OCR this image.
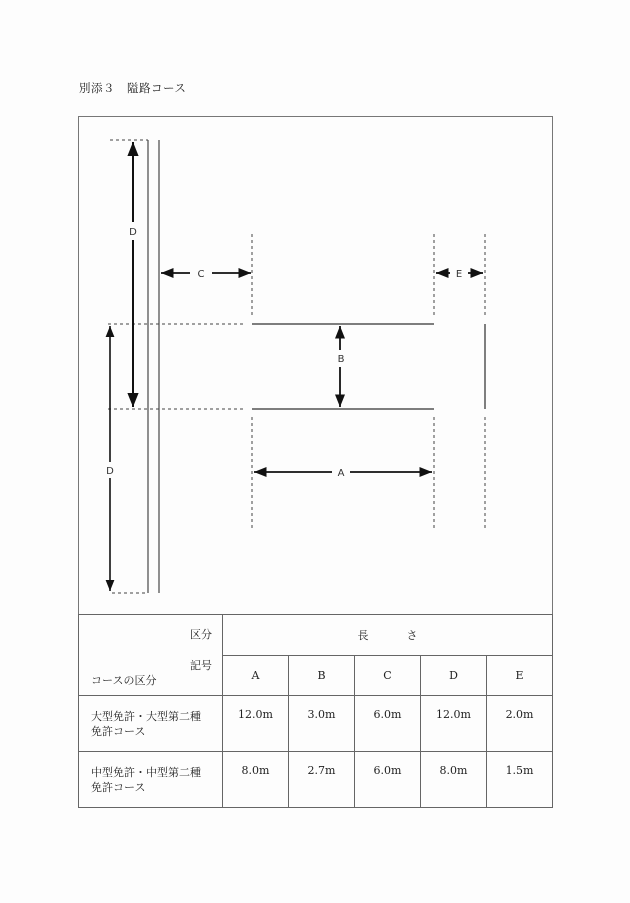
別添３　隘路コース
D
D
C
B
A
E
区分
記号
コースの区分	長 さ				
	A	B	C	D	E

大型免許・大型第二種
免許コース	12.0m	3.0m	6.0m	12.0m	2.0m

中型免許・中型第二種
免許コース	8.0m	2.7m	6.0m	8.0m	1.5m
